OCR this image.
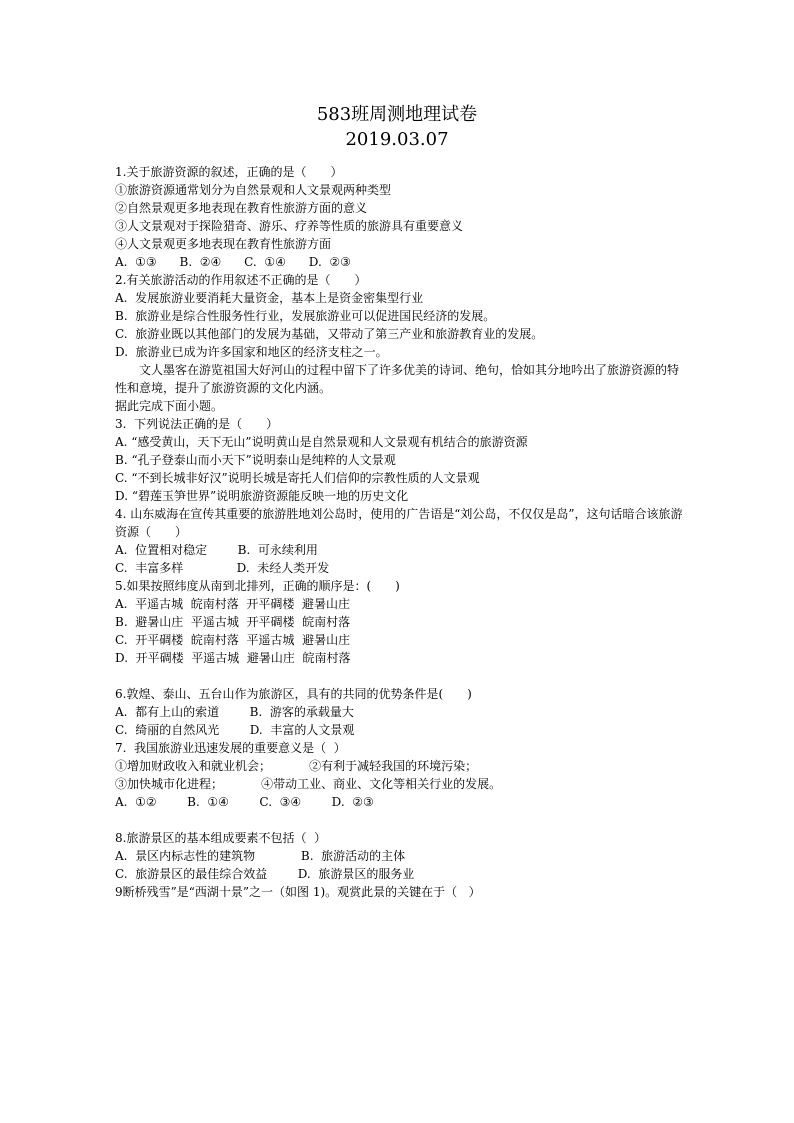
583班周测地理试卷
2019.03.07
1.关于旅游资源的叙述，正确的是（　　）
①旅游资源通常划分为自然景观和人文景观两种类型
②自然景观更多地表现在教育性旅游方面的意义
③人文景观对于探险猎奇、游乐、疗养等性质的旅游具有重要意义
④人文景观更多地表现在教育性旅游方面
A.  ①③      B.  ②④      C.  ①④      D.  ②③
2.有关旅游活动的作用叙述不正确的是（　　）
A.  发展旅游业要消耗大量资金，基本上是资金密集型行业
B.  旅游业是综合性服务性行业，发展旅游业可以促进国民经济的发展。
C.  旅游业既以其他部门的发展为基础，又带动了第三产业和旅游教育业的发展。
D.  旅游业已成为许多国家和地区的经济支柱之一。
文人墨客在游览祖国大好河山的过程中留下了许多优美的诗词、绝句，恰如其分地吟出了旅游资源的特性和意境，提升了旅游资源的文化内涵。
据此完成下面小题。
3.  下列说法正确的是（　　）
A. “感受黄山，天下无山”说明黄山是自然景观和人文景观有机结合的旅游资源
B. “孔子登泰山而小天下”说明泰山是纯粹的人文景观
C. “不到长城非好汉”说明长城是寄托人们信仰的宗教性质的人文景观
D. “碧莲玉笋世界”说明旅游资源能反映一地的历史文化
4. 山东威海在宣传其重要的旅游胜地刘公岛时，使用的广告语是“刘公岛，不仅仅是岛”，这句话暗合该旅游资源（　　）
A.  位置相对稳定        B.  可永续利用
C.  丰富多样              D.  未经人类开发
5.如果按照纬度从南到北排列，正确的顺序是：(　　)
A.  平遥古城  皖南村落  开平碉楼  避暑山庄
B.  避暑山庄  平遥古城  开平碉楼  皖南村落
C.  开平碉楼  皖南村落  平遥古城  避暑山庄
D.  开平碉楼  平遥古城  避暑山庄  皖南村落
6.敦煌、泰山、五台山作为旅游区，具有的共同的优势条件是(　　)
A.  都有上山的索道        B.  游客的承载量大
C.  绮丽的自然风光        D.  丰富的人文景观
7.  我国旅游业迅速发展的重要意义是（  ）
①增加财政收入和就业机会；          ②有利于减轻我国的环境污染；
③加快城市化进程；          ④带动工业、商业、文化等相关行业的发展。
A.  ①②        B.  ①④        C.  ③④        D.  ②③
8.旅游景区的基本组成要素不包括（  ）
A.  景区内标志性的建筑物            B.  旅游活动的主体
C.  旅游景区的最佳综合效益        D.  旅游景区的服务业
9断桥残雪”是“西湖十景”之一（如图 1)。观赏此景的关键在于（   ）
